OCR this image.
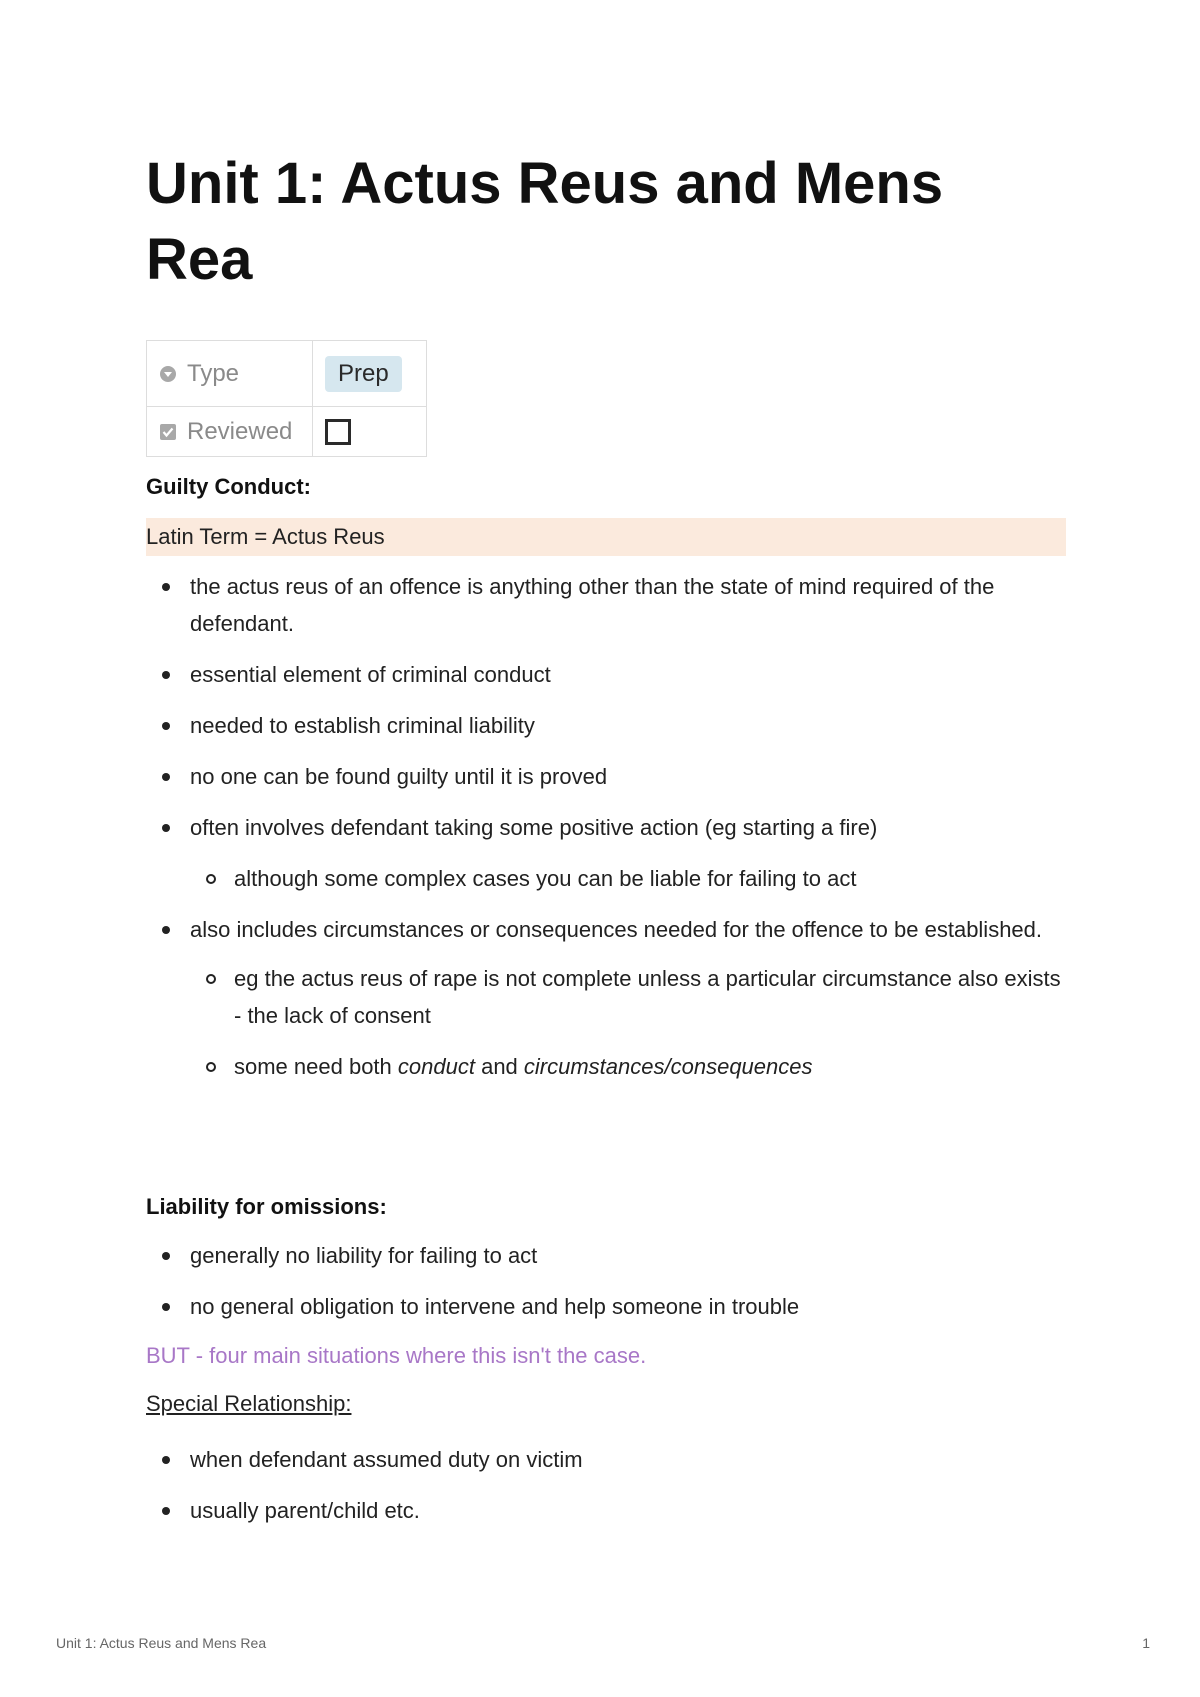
Unit 1: Actus Reus and Mens Rea
Type	Prep
Reviewed	

Guilty Conduct:

Latin Term = Actus Reus
the actus reus of an offence is anything other than the state of mind required of the defendant.
essential element of criminal conduct
needed to establish criminal liability
no one can be found guilty until it is proved
often involves defendant taking some positive action (eg starting a fire)
although some complex cases you can be liable for failing to act
also includes circumstances or consequences needed for the offence to be established.
eg the actus reus of rape is not complete unless a particular circumstance also exists - the lack of consent
some need both conduct and circumstances/consequences

Liability for omissions:

generally no liability for failing to act
no general obligation to intervene and help someone in trouble
BUT - four main situations where this isn't the case.
Special Relationship:
when defendant assumed duty on victim
usually parent/child etc.
Unit 1: Actus Reus and Mens Rea	1
